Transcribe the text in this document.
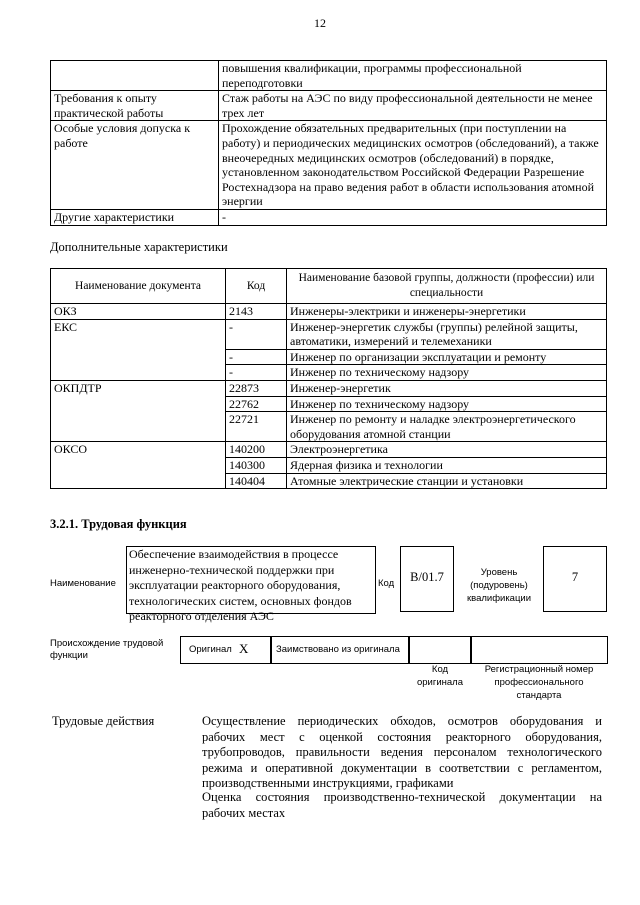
12
	повышения квалификации, программы профессиональной переподготовки
Требования к опыту практической работы	Стаж работы на АЭС по виду профессиональной деятельности не менее трех лет
Особые условия допуска к работе	Прохождение обязательных предварительных (при поступлении на работу) и периодических медицинских осмотров (обследований), а также внеочередных медицинских осмотров (обследований) в порядке, установленном законодательством Российской Федерации Разрешение Ростехнадзора на право ведения работ в области использования атомной энергии
Другие характеристики	-
Дополнительные характеристики
Наименование документа	Код	Наименование базовой группы, должности (профессии) или специальности
ОКЗ	2143	Инженеры-электрики и инженеры-энергетики
ЕКС	-	Инженер-энергетик службы (группы) релейной защиты, автоматики, измерений и телемеханики
	-	Инженер по организации эксплуатации и ремонту
	-	Инженер по техническому надзору
ОКПДТР	22873	Инженер-энергетик
	22762	Инженер по техническому надзору
	22721	Инженер по ремонту и наладке электроэнергетического оборудования атомной станции
ОКСО	140200	Электроэнергетика
	140300	Ядерная физика и технологии
	140404	Атомные электрические станции и установки
3.2.1. Трудовая функция
Наименование
Обеспечение взаимодействия в процессе инженерно-технической поддержки при эксплуатации реакторного оборудования, технологических систем, основных фондов реакторного отделения АЭС
Код	B/01.7	Уровень (подуровень) квалификации
7
Происхождение трудовой функции
Оригинал X	Заимствовано из оригинала
Код оригинала
Регистрационный номер профессионального стандарта
Трудовые действия	Осуществление периодических обходов, осмотров оборудования и рабочих мест с оценкой состояния реакторного оборудования, трубопроводов, правильности ведения персоналом технологического режима и оперативной документации в соответствии с регламентом, производственными инструкциями, графиками
Оценка состояния производственно-технической документации на рабочих местах
